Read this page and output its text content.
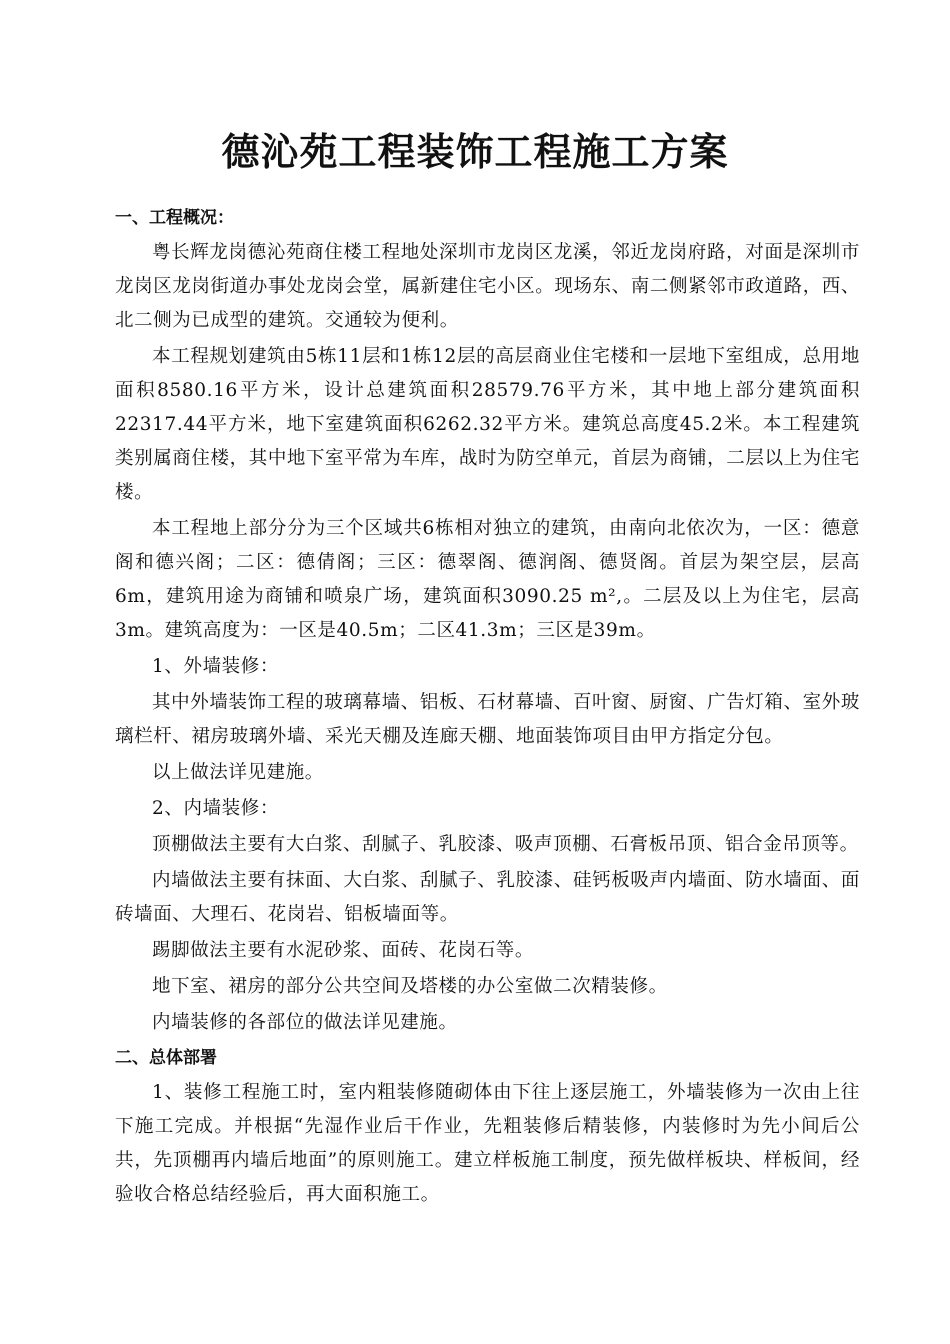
德沁苑工程装饰工程施工方案
一、工程概况：

粤长辉龙岗德沁苑商住楼工程地处深圳市龙岗区龙溪，邻近龙岗府路，对面是深圳市龙岗区龙岗街道办事处龙岗会堂，属新建住宅小区。现场东、南二侧紧邻市政道路，西、北二侧为已成型的建筑。交通较为便利。

本工程规划建筑由5栋11层和1栋12层的高层商业住宅楼和一层地下室组成，总用地面积8580.16平方米，设计总建筑面积28579.76平方米，其中地上部分建筑面积22317.44平方米，地下室建筑面积6262.32平方米。建筑总高度45.2米。本工程建筑类别属商住楼，其中地下室平常为车库，战时为防空单元，首层为商铺，二层以上为住宅楼。

本工程地上部分分为三个区域共6栋相对独立的建筑，由南向北依次为，一区：德意阁和德兴阁；二区：德倩阁；三区：德翠阁、德润阁、德贤阁。首层为架空层，层高6m，建筑用途为商铺和喷泉广场，建筑面积3090.25 m²,。二层及以上为住宅，层高3m。建筑高度为：一区是40.5m；二区41.3m；三区是39m。

1、外墙装修：

其中外墙装饰工程的玻璃幕墙、铝板、石材幕墙、百叶窗、厨窗、广告灯箱、室外玻璃栏杆、裙房玻璃外墙、采光天棚及连廊天棚、地面装饰项目由甲方指定分包。

以上做法详见建施。

2、内墙装修：

顶棚做法主要有大白浆、刮腻子、乳胶漆、吸声顶棚、石膏板吊顶、铝合金吊顶等。

内墙做法主要有抹面、大白浆、刮腻子、乳胶漆、硅钙板吸声内墙面、防水墙面、面砖墙面、大理石、花岗岩、铝板墙面等。

踢脚做法主要有水泥砂浆、面砖、花岗石等。

地下室、裙房的部分公共空间及塔楼的办公室做二次精装修。

内墙装修的各部位的做法详见建施。

二、总体部署

1、装修工程施工时，室内粗装修随砌体由下往上逐层施工，外墙装修为一次由上往下施工完成。并根据“先湿作业后干作业，先粗装修后精装修，内装修时为先小间后公共，先顶棚再内墙后地面”的原则施工。建立样板施工制度，预先做样板块、样板间，经验收合格总结经验后，再大面积施工。
